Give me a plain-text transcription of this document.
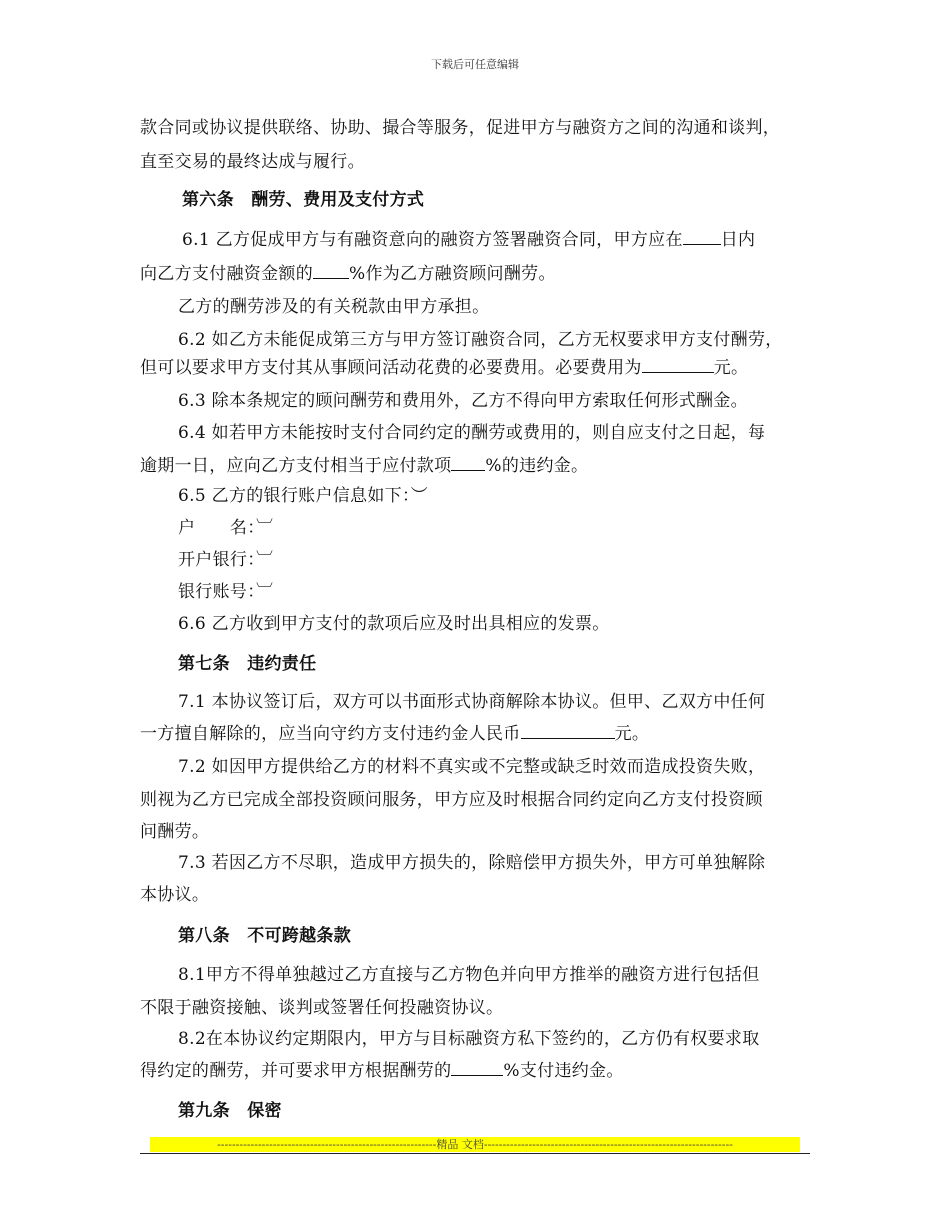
下载后可任意编辑
款合同或协议提供联络、协助、撮合等服务，促进甲方与融资方之间的沟通和谈判，
直至交易的最终达成与履行。
第六条　酬劳、费用及支付方式
6.1 乙方促成甲方与有融资意向的融资方签署融资合同，甲方应在 日内
向乙方支付融资金额的 %作为乙方融资顾问酬劳。
乙方的酬劳涉及的有关税款由甲方承担。
6.2 如乙方未能促成第三方与甲方签订融资合同，乙方无权要求甲方支付酬劳，
但可以要求甲方支付其从事顾问活动花费的必要费用。必要费用为	元。
6.3 除本条规定的顾问酬劳和费用外，乙方不得向甲方索取任何形式酬金。
6.4 如若甲方未能按时支付合同约定的酬劳或费用的，则自应支付之日起，每
逾期一日，应向乙方支付相当于应付款项 %的违约金。
6.5 乙方的银行账户信息如下：︶
户　　名：︺
开户银行：︺
银行账号：︺
6.6 乙方收到甲方支付的款项后应及时出具相应的发票。
第七条　违约责任
7.1 本协议签订后，双方可以书面形式协商解除本协议。但甲、乙双方中任何
一方擅自解除的，应当向守约方支付违约金人民币	元。
7.2 如因甲方提供给乙方的材料不真实或不完整或缺乏时效而造成投资失败，
则视为乙方已完成全部投资顾问服务，甲方应及时根据合同约定向乙方支付投资顾
问酬劳。
7.3 若因乙方不尽职，造成甲方损失的，除赔偿甲方损失外，甲方可单独解除
本协议。
第八条　不可跨越条款
8.1甲方不得单独越过乙方直接与乙方物色并向甲方推举的融资方进行包括但
不限于融资接触、谈判或签署任何投融资协议。
8.2在本协议约定期限内，甲方与目标融资方私下签约的，乙方仍有权要求取
得约定的酬劳，并可要求甲方根据酬劳的	%支付违约金。
第九条　保密
-----------------------------------------------------------精品 文档-------------------------------------------------------------------
